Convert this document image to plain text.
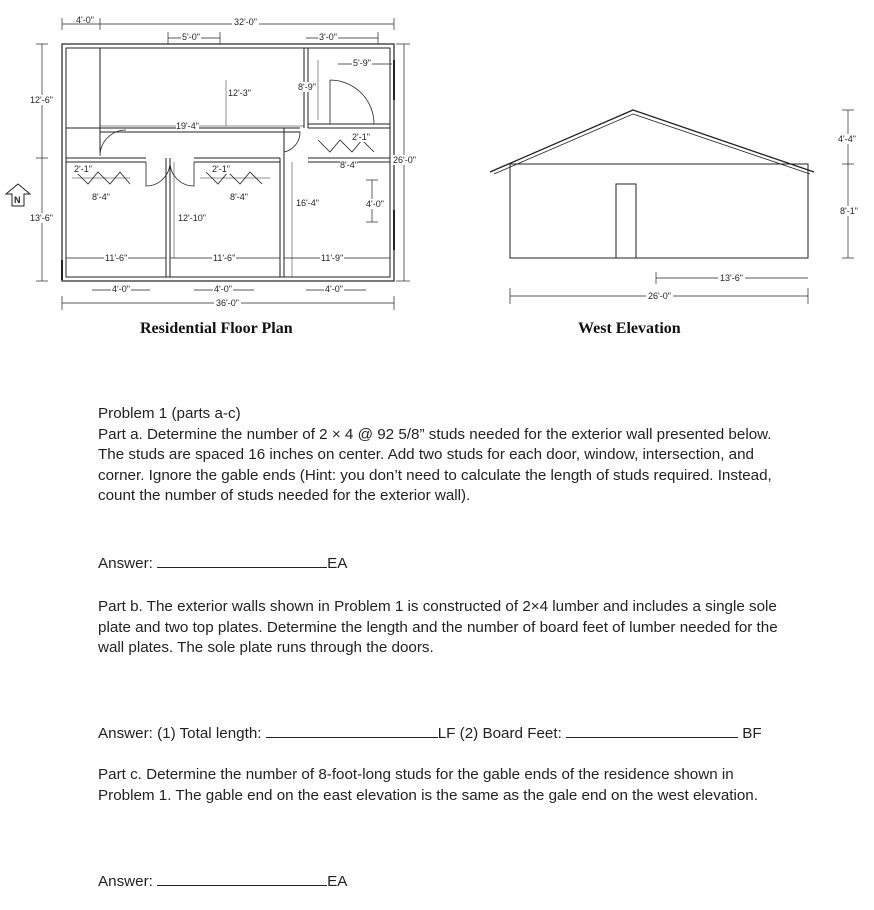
4'-0"	32'-0"
5'-0"	3'-0"
5'-9"
12'-6"
13'-6"
12'-3"
8'-9"
19'-4"
2'-1"
8'-4"	26'-0"
2'-1"	2'-1"
8'-4"	8'-4"
16'-4"	4'-0"
12'-10"
11'-6"	11'-6"	11'-9"
4'-0"	4'-0"	4'-0"
36'-0"
N
Residential Floor Plan
4'-4"
8'-1"
13'-6"
26'-0"
West Elevation
Problem 1 (parts a-c)
Part a. Determine the number of 2 × 4 @ 92 5/8” studs needed for the exterior wall presented below. The studs are spaced 16 inches on center. Add two studs for each door, window, intersection, and corner. Ignore the gable ends (Hint: you don’t need to calculate the length of studs required. Instead, count the number of studs needed for the exterior wall).
Answer:	EA
Part b. The exterior walls shown in Problem 1 is constructed of 2×4 lumber and includes a single sole plate and two top plates. Determine the length and the number of board feet of lumber needed for the wall plates. The sole plate runs through the doors.
Answer: (1) Total length:	LF (2) Board Feet:	BF
Part c. Determine the number of 8-foot-long studs for the gable ends of the residence shown in Problem 1. The gable end on the east elevation is the same as the gale end on the west elevation.
Answer:	EA
